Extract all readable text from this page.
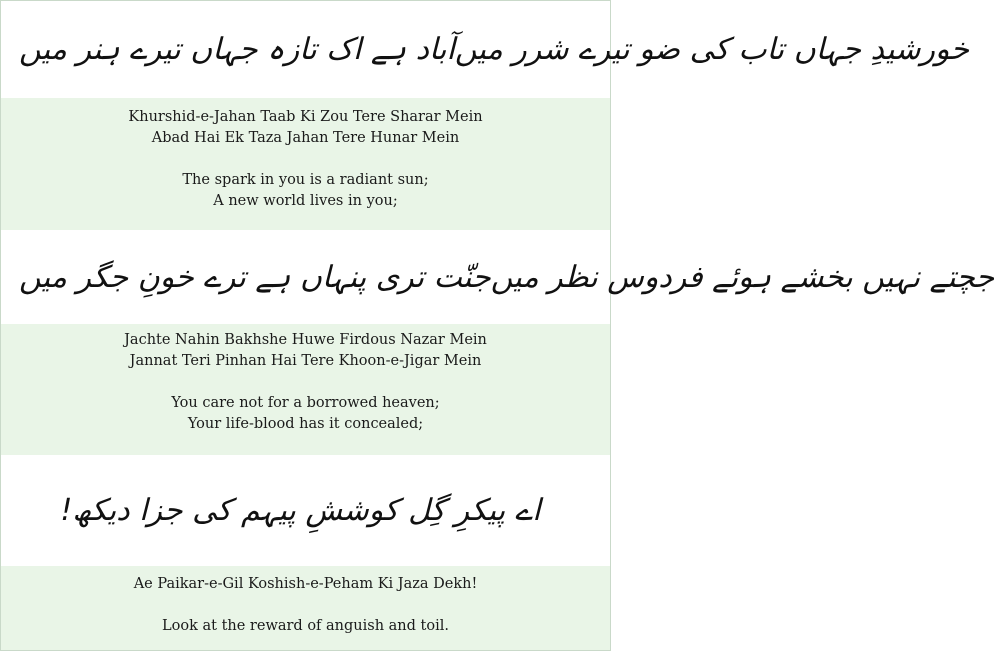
آباد ہے اک تازہ جہاں تیرے ہنر میں خورشیدِ جہاں تاب کی ضو تیرے شرر میں

Khurshid-e-Jahan Taab Ki Zou Tere Sharar Mein

Abad Hai Ek Taza Jahan Tere Hunar Mein

The spark in you is a radiant sun;

A new world lives in you;

جنّت تری پنہاں ہے ترے خونِ جگر میں جچتے نہیں بخشے ہوئے فردوس نظر میں

Jachte Nahin Bakhshe Huwe Firdous Nazar Mein

Jannat Teri Pinhan Hai Tere Khoon-e-Jigar Mein

You care not for a borrowed heaven;

Your life-blood has it concealed;

اے پیکرِ گِل کوششِ پیہم کی جزا دیکھ!

Ae Paikar-e-Gil Koshish-e-Peham Ki Jaza Dekh!

Look at the reward of anguish and toil.
